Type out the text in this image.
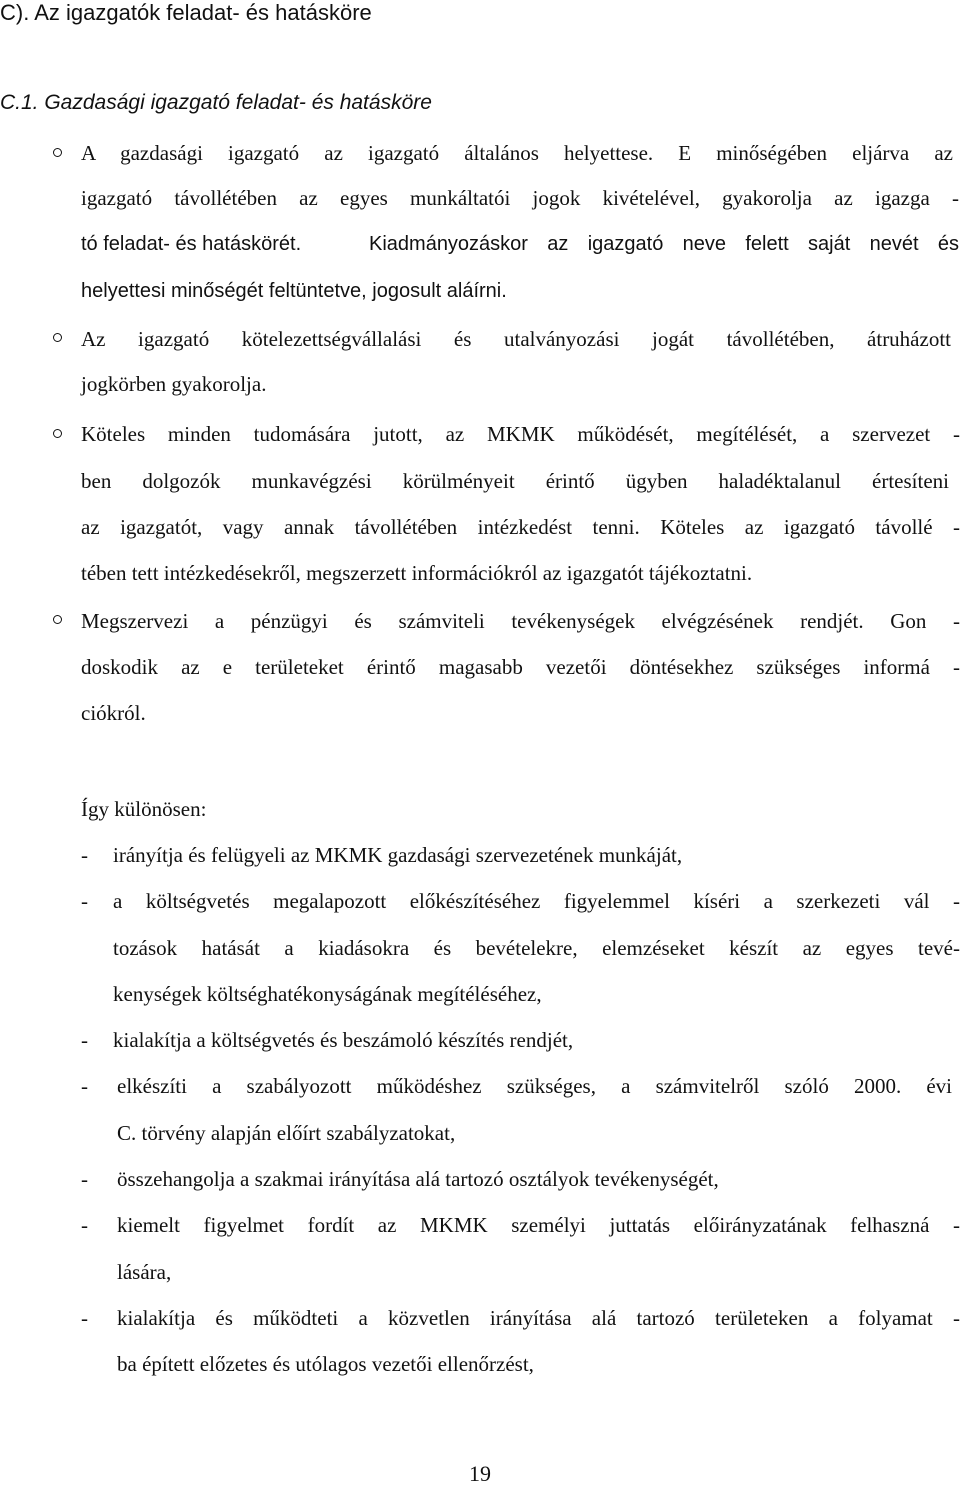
C). Az igazgatók feladat- és hatásköre
C.1. Gazdasági igazgató feladat- és hatásköre
A gazdasági igazgató az igazgató általános helyettese. E minőségében eljárva az
igazgató távollétében az egyes munkáltatói jogok kivételével, gyakorolja az igazga -
tó feladat- és hatáskörét.	Kiadmányozáskor az igazgató neve felett saját nevét és
helyettesi minőségét feltüntetve, jogosult aláírni.
Az igazgató kötelezettségvállalási és utalványozási jogát távollétében, átruházott
jogkörben gyakorolja.
Köteles minden tudomására jutott, az MKMK működését, megítélését, a szervezet -
ben dolgozók munkavégzési körülményeit érintő ügyben haladéktalanul értesíteni
az igazgatót, vagy annak távollétében intézkedést tenni. Köteles az igazgató távollé -
tében tett intézkedésekről, megszerzett információkról az igazgatót tájékoztatni.
Megszervezi a pénzügyi és számviteli tevékenységek elvégzésének rendjét. Gon -
doskodik az e területeket érintő magasabb vezetői döntésekhez szükséges informá -
ciókról.
Így különösen:
- irányítja és felügyeli az MKMK gazdasági szervezetének munkáját,
- a költségvetés megalapozott előkészítéséhez figyelemmel kíséri a szerkezeti vál -
tozások hatását a kiadásokra és bevételekre, elemzéseket készít az egyes tevé-
kenységek költséghatékonyságának megítéléséhez,
- kialakítja a költségvetés és beszámoló készítés rendjét,
- elkészíti a szabályozott működéshez szükséges, a számvitelről szóló 2000. évi
C. törvény alapján előírt szabályzatokat,
- összehangolja a szakmai irányítása alá tartozó osztályok tevékenységét,
- kiemelt figyelmet fordít az MKMK személyi juttatás előirányzatának felhaszná -
lására,
- kialakítja és működteti a közvetlen irányítása alá tartozó területeken a folyamat -
ba épített előzetes és utólagos vezetői ellenőrzést,
19
